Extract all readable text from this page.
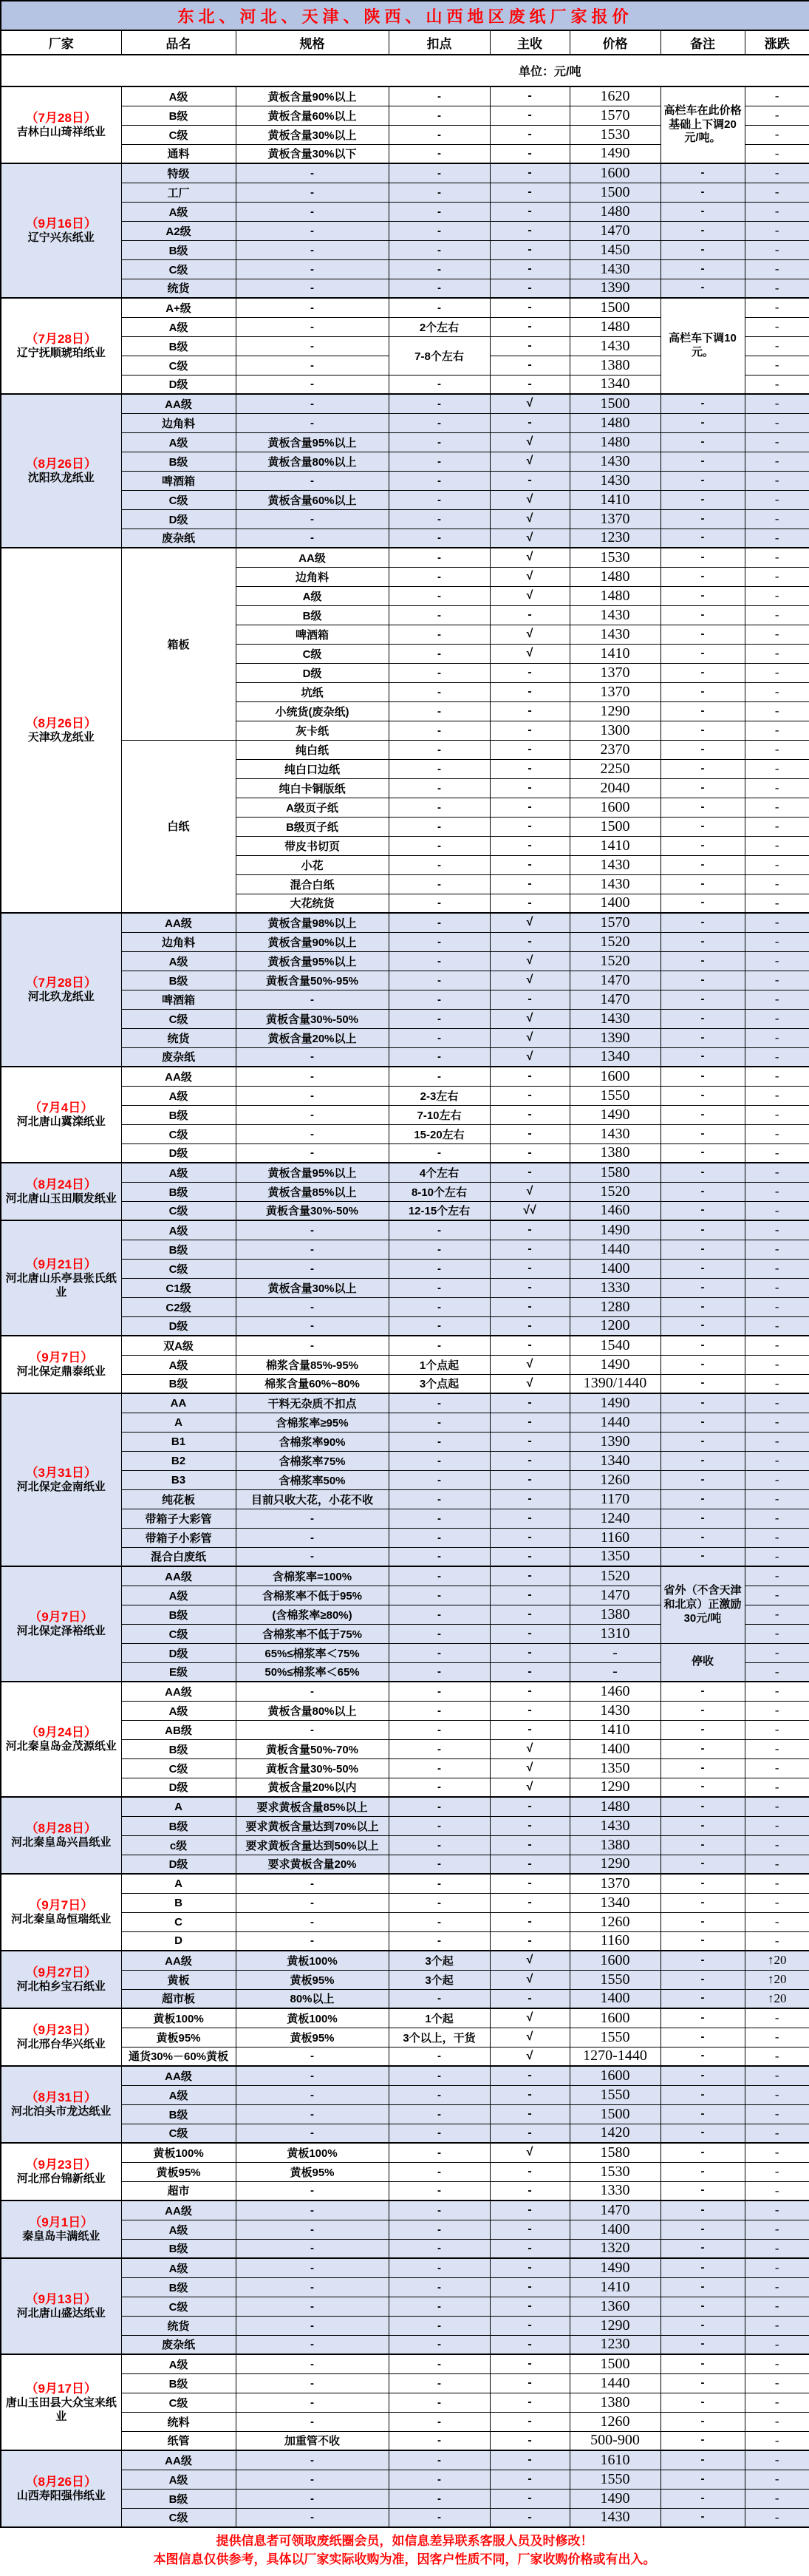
东北、河北、天津、陕西、山西地区废纸厂家报价							
厂家	品名	规格	扣点	主收	价格	备注	涨跌
单位：元/吨							

（7月28日）
吉林白山琦祥纸业	A级	黄板含量90%以上	-	-	1620	高栏车在此价格基础上下调20元/吨。	-
	B级	黄板含量60%以上	-	-	1570		-
	C级	黄板含量30%以上	-	-	1530		-
	通料	黄板含量30%以下	-	-	1490		-

（9月16日）
辽宁兴东纸业	特级	-	-	-	1600	-	-
	工厂	-	-	-	1500	-	-
	A级	-	-	-	1480	-	-
	A2级	-	-	-	1470	-	-
	B级	-	-	-	1450	-	-
	C级	-	-	-	1430	-	-
	统货	-	-	-	1390	-	-

（7月28日）
辽宁抚顺琥珀纸业	A+级	-	-	-	1500	高栏车下调10元。	-
	A级	-	2个左右	-	1480		-
	B级	-	7-8个左右	-	1430		-
	C级	-		-	1380		-
	D级	-	-	-	1340		-

（8月26日）
沈阳玖龙纸业	AA级	-	-	√	1500	-	-
	边角料	-	-	-	1480	-	-
	A级	黄板含量95%以上	-	√	1480	-	-
	B级	黄板含量80%以上	-	√	1430	-	-
	啤酒箱	-	-	-	1430	-	-
	C级	黄板含量60%以上	-	√	1410	-	-
	D级	-	-	√	1370	-	-
	废杂纸	-	-	√	1230	-	-

（8月26日）
天津玖龙纸业	箱板	AA级	-	√	1530	-	-
		边角料	-	√	1480	-	-
		A级	-	√	1480	-	-
		B级	-	-	1430	-	-
		啤酒箱	-	√	1430	-	-
		C级	-	√	1410	-	-
		D级	-	-	1370	-	-
		坑纸	-	-	1370	-	-
		小统货(废杂纸)	-	-	1290	-	-
		灰卡纸	-	-	1300	-	-
	白纸	纯白纸	-	-	2370	-	-
		纯白口边纸	-	-	2250	-	-
		纯白卡铜版纸	-	-	2040	-	-
		A级页子纸	-	-	1600	-	-
		B级页子纸	-	-	1500	-	-
		带皮书切页	-	-	1410	-	-
		小花	-	-	1430	-	-
		混合白纸	-	-	1430	-	-
		大花统货	-	-	1400	-	-

（7月28日）
河北玖龙纸业	AA级	黄板含量98%以上	-	√	1570	-	-
	边角料	黄板含量90%以上	-	-	1520	-	-
	A级	黄板含量95%以上	-	√	1520	-	-
	B级	黄板含量50%-95%	-	√	1470	-	-
	啤酒箱	-	-	-	1470	-	-
	C级	黄板含量30%-50%	-	√	1430	-	-
	统货	黄板含量20%以上	-	√	1390	-	-
	废杂纸	-	-	√	1340	-	-

（7月4日）
河北唐山冀滦纸业	AA级	-	-	-	1600	-	-
	A级	-	2-3左右	-	1550	-	-
	B级	-	7-10左右	-	1490	-	-
	C级	-	15-20左右	-	1430	-	-
	D级	-	-	-	1380	-	-

（8月24日）
河北唐山玉田顺发纸业	A级	黄板含量95%以上	4个左右	-	1580	-	-
	B级	黄板含量85%以上	8-10个左右	√	1520	-	-
	C级	黄板含量30%-50%	12-15个左右	√√	1460	-	-

（9月21日）
河北唐山乐亭县张氏纸业	A级	-	-	-	1490	-	-
	B级	-	-	-	1440	-	-
	C级	-	-	-	1400	-	-
	C1级	黄板含量30%以上	-	-	1330	-	-
	C2级	-	-	-	1280	-	-
	D级	-	-	-	1200	-	-

（9月7日）
河北保定鼎泰纸业	双A级	-	-	-	1540	-	-
	A级	棉浆含量85%-95%	1个点起	√	1490	-	-
	B级	棉浆含量60%~80%	3个点起	√	1390/1440	-	-

（3月31日）
河北保定金南纸业	AA	干料无杂质不扣点	-	-	1490	-	-
	A	含棉浆率≥95%	-	-	1440	-	-
	B1	含棉浆率90%	-	-	1390	-	-
	B2	含棉浆率75%	-	-	1340	-	-
	B3	含棉浆率50%	-	-	1260	-	-
	纯花板	目前只收大花，小花不收	-	-	1170	-	-
	带箱子大彩管	-	-	-	1240	-	-
	带箱子小彩管	-	-	-	1160	-	-
	混合白废纸	-	-	-	1350	-	-

（9月7日）
河北保定泽裕纸业	AA级	含棉浆率=100%	-	-	1520	省外（不含天津和北京）正激励30元/吨	-
	A级	含棉浆率不低于95%	-	-	1470		-
	B级	(含棉浆率≥80%)	-	-	1380		-
	C级	含棉浆率不低于75%	-	-	1310		-
	D级	65%≤棉浆率＜75%	-	-	-	停收	-
	E级	50%≤棉浆率＜65%	-	-	-		-

（9月24日）
河北秦皇岛金茂源纸业	AA级	-	-	-	1460	-	-
	A级	黄板含量80%以上	-	-	1430	-	-
	AB级	-	-	-	1410	-	-
	B级	黄板含量50%-70%	-	√	1400	-	-
	C级	黄板含量30%-50%	-	√	1350	-	-
	D级	黄板含量20%以内	-	√	1290	-	-

（8月28日）
河北秦皇岛兴昌纸业	A	要求黄板含量85%以上	-	-	1480	-	-
	B级	要求黄板含量达到70%以上	-	-	1430	-	-
	c级	要求黄板含量达到50%以上	-	-	1380	-	-
	D级	要求黄板含量20%	-	-	1290	-	-

（9月7日）
河北秦皇岛恒瑞纸业	A	-	-	-	1370	-	-
	B	-	-	-	1340	-	-
	C	-	-	-	1260	-	-
	D	-	-	-	1160	-	-

（9月27日）
河北柏乡宝石纸业	AA级	黄板100%	3个起	√	1600	-	↑20
	黄板	黄板95%	3个起	√	1550	-	↑20
	超市板	80%以上	-	-	1400	-	↑20

（9月23日）
河北邢台华兴纸业	黄板100%	黄板100%	1个起	√	1600	-	-
	黄板95%	黄板95%	3个以上，干货	√	1550	-	-
	通货30%－60%黄板	-	-	√	1270-1440	-	-

（8月31日）
河北泊头市龙达纸业	AA级	-	-	-	1600	-	-
	A级	-	-	-	1550	-	-
	B级	-	-	-	1500	-	-
	C级	-	-	-	1420	-	-

（9月23日）
河北邢台锦新纸业	黄板100%	黄板100%	-	√	1580	-	-
	黄板95%	黄板95%	-	-	1530	-	-
	超市	-	-	-	1330	-	-

（9月1日）
秦皇岛丰满纸业	AA级	-	-	-	1470	-	-
	A级	-	-	-	1400	-	-
	B级	-	-	-	1320	-	-

（9月13日）
河北唐山盛达纸业	A级	-	-	-	1490	-	-
	B级	-	-	-	1410	-	-
	C级	-	-	-	1360	-	-
	统货	-	-	-	1290	-	-
	废杂纸	-	-	-	1230	-	-

（9月17日）
唐山玉田县大众宝来纸业	A级	-	-	-	1500	-	-
	B级	-	-	-	1440	-	-
	C级	-	-	-	1380	-	-
	统料	-	-	-	1260	-	-
	纸管	加重管不收	-	-	500-900	-	-

（8月26日）
山西寿阳强伟纸业	AA级	-	-	-	1610	-	-
	A级	-	-	-	1550	-	-
	B级	-	-	-	1490	-	-
	C级	-	-	-	1430	-	-
提供信息者可领取废纸圈会员，如信息差异联系客服人员及时修改！
本图信息仅供参考，具体以厂家实际收购为准，因客户性质不同，厂家收购价格或有出入。
